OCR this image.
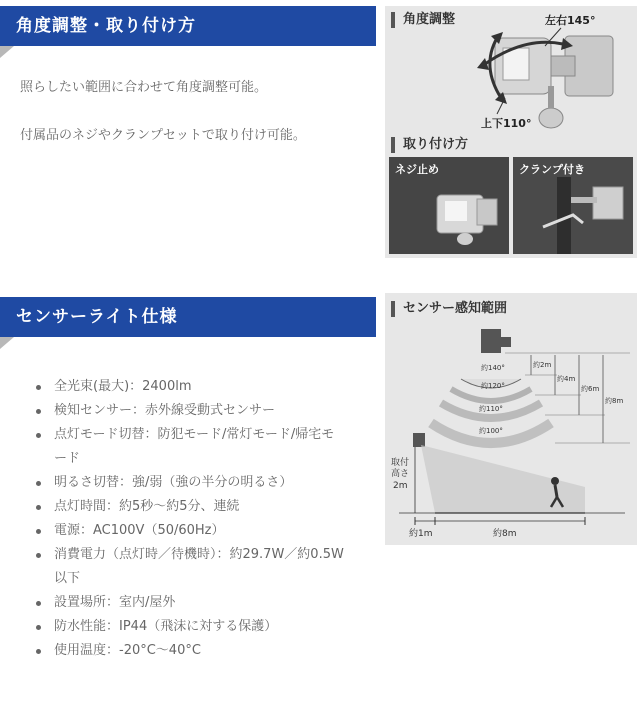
角度調整・取り付け方
照らしたい範囲に合わせて角度調整可能。
付属品のネジやクランプセットで取り付け可能。
角度調整	左右145°
上下110°
取り付け方
ネジ止め	クランプ付き
センサーライト仕様
全光束(最大)：2400lm
検知センサー：赤外線受動式センサー
点灯モード切替：防犯モード/常灯モード/帰宅モ
ード
明るさ切替：強/弱（強の半分の明るさ）
点灯時間：約5秒〜約5分、連続
電源：AC100V（50/60Hz）
消費電力（点灯時／待機時）：約29.7W／約0.5W
以下
設置場所：室内/屋外
防水性能：IP44（飛沫に対する保護）
使用温度：-20°C〜40°C
センサー感知範囲
約140°
約120°
約110°
約100°
約2m
約4m
約6m
約8m
取付
高さ
2m
約1m	約8m
